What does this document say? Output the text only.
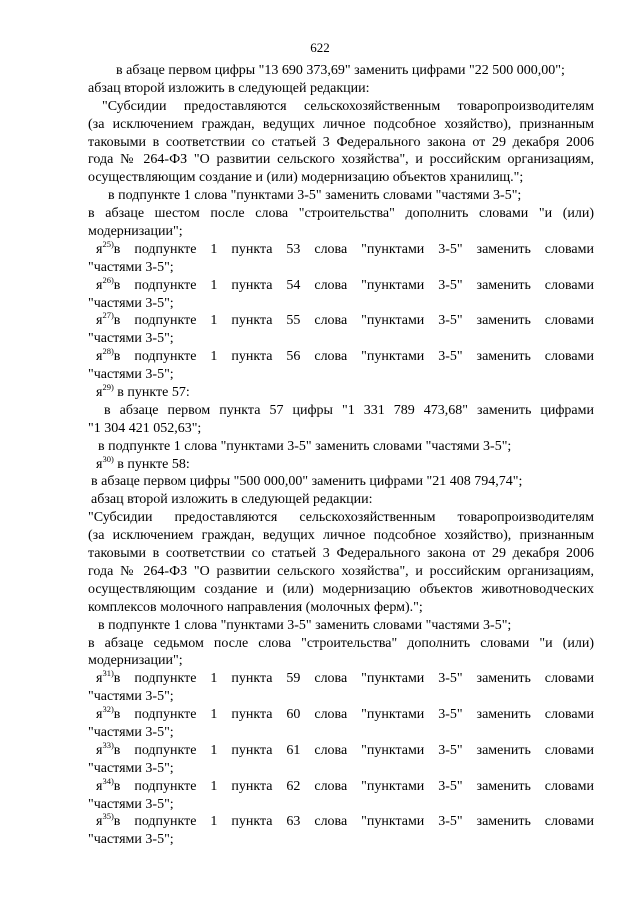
622
в абзаце первом цифры "13 690 373,69" заменить цифрами "22 500 000,00";
абзац второй изложить в следующей редакции:
"Субсидии предоставляются сельскохозяйственным товаропроизводителям
(за исключением граждан, ведущих личное подсобное хозяйство), признанным
таковыми в соответствии со статьей 3 Федерального закона от 29 декабря 2006
года № 264-ФЗ "О развитии сельского хозяйства", и российским организациям,
осуществляющим создание и (или) модернизацию объектов хранилищ.";
в подпункте 1 слова "пунктами 3-5" заменить словами "частями 3-5";
в абзаце шестом после слова "строительства" дополнить словами "и (или)
модернизации";
$я^{25)}в$ подпункте 1 пункта 53 слова "пунктами 3-5" заменить словами
"частями 3-5";
$я^{26)}в$ подпункте 1 пункта 54 слова "пунктами 3-5" заменить словами
"частями 3-5";
$я^{27)}в$ подпункте 1 пункта 55 слова "пунктами 3-5" заменить словами
"частями 3-5";
$я^{28)}в$ подпункте 1 пункта 56 слова "пунктами 3-5" заменить словами
"частями 3-5";
$я^{29)}$ в пункте 57:
в абзаце первом пункта 57 цифры "1 331 789 473,68" заменить цифрами
"1 304 421 052,63";
в подпункте 1 слова "пунктами 3-5" заменить словами "частями 3-5";
$я^{30)}$ в пункте 58:
в абзаце первом цифры "500 000,00" заменить цифрами "21 408 794,74";
абзац второй изложить в следующей редакции:
"Субсидии предоставляются сельскохозяйственным товаропроизводителям
(за исключением граждан, ведущих личное подсобное хозяйство), признанным
таковыми в соответствии со статьей 3 Федерального закона от 29 декабря 2006
года № 264-ФЗ "О развитии сельского хозяйства", и российским организациям,
осуществляющим создание и (или) модернизацию объектов животноводческих
комплексов молочного направления (молочных ферм).";
в подпункте 1 слова "пунктами 3-5" заменить словами "частями 3-5";
в абзаце седьмом после слова "строительства" дополнить словами "и (или)
модернизации";
$я^{31)}в$ подпункте 1 пункта 59 слова "пунктами 3-5" заменить словами
"частями 3-5";
$я^{32)}в$ подпункте 1 пункта 60 слова "пунктами 3-5" заменить словами
"частями 3-5";
$я^{33)}в$ подпункте 1 пункта 61 слова "пунктами 3-5" заменить словами
"частями 3-5";
$я^{34)}в$ подпункте 1 пункта 62 слова "пунктами 3-5" заменить словами
"частями 3-5";
$я^{35)}в$ подпункте 1 пункта 63 слова "пунктами 3-5" заменить словами
"частями 3-5";
